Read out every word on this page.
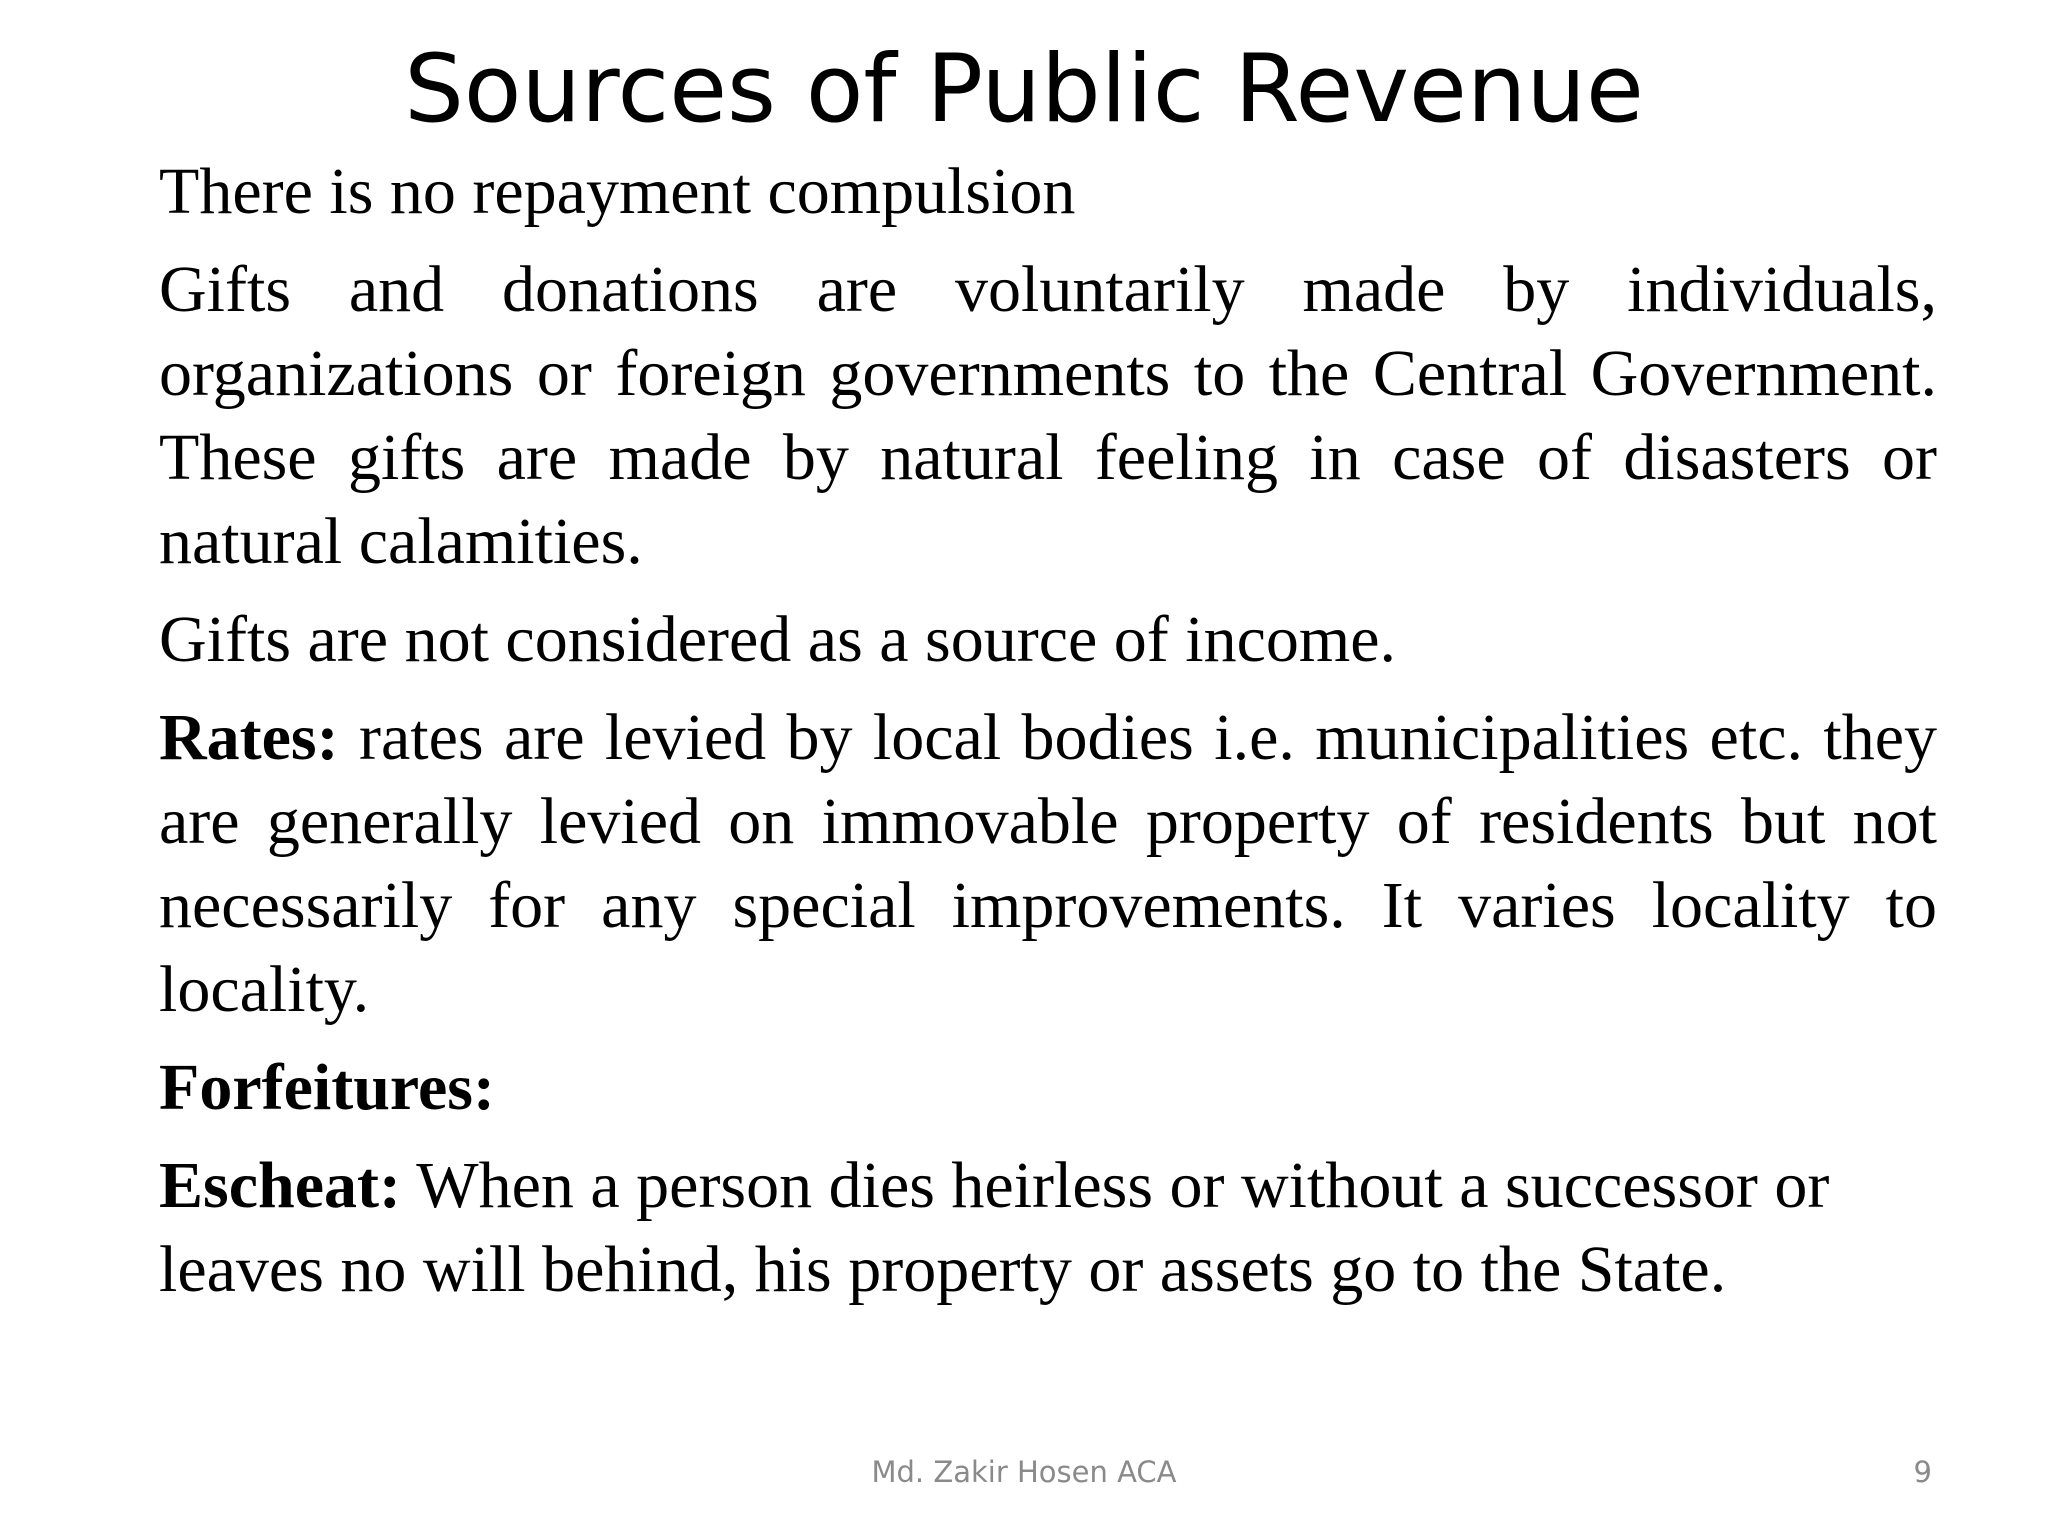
Sources of Public Revenue

There is no repayment compulsion

Gifts and donations are voluntarily made by individuals, organizations or foreign governments to the Central Government. These gifts are made by natural feeling in case of disasters or natural calamities.

Gifts are not considered as a source of income.

Rates: rates are levied by local bodies i.e. municipalities etc. they are generally levied on immovable property of residents but not necessarily for any special improvements. It varies locality to locality.

Forfeitures:

Escheat: When a person dies heirless or without a successor or leaves no will behind, his property or assets go to the State.

Md. Zakir Hosen ACA	9
